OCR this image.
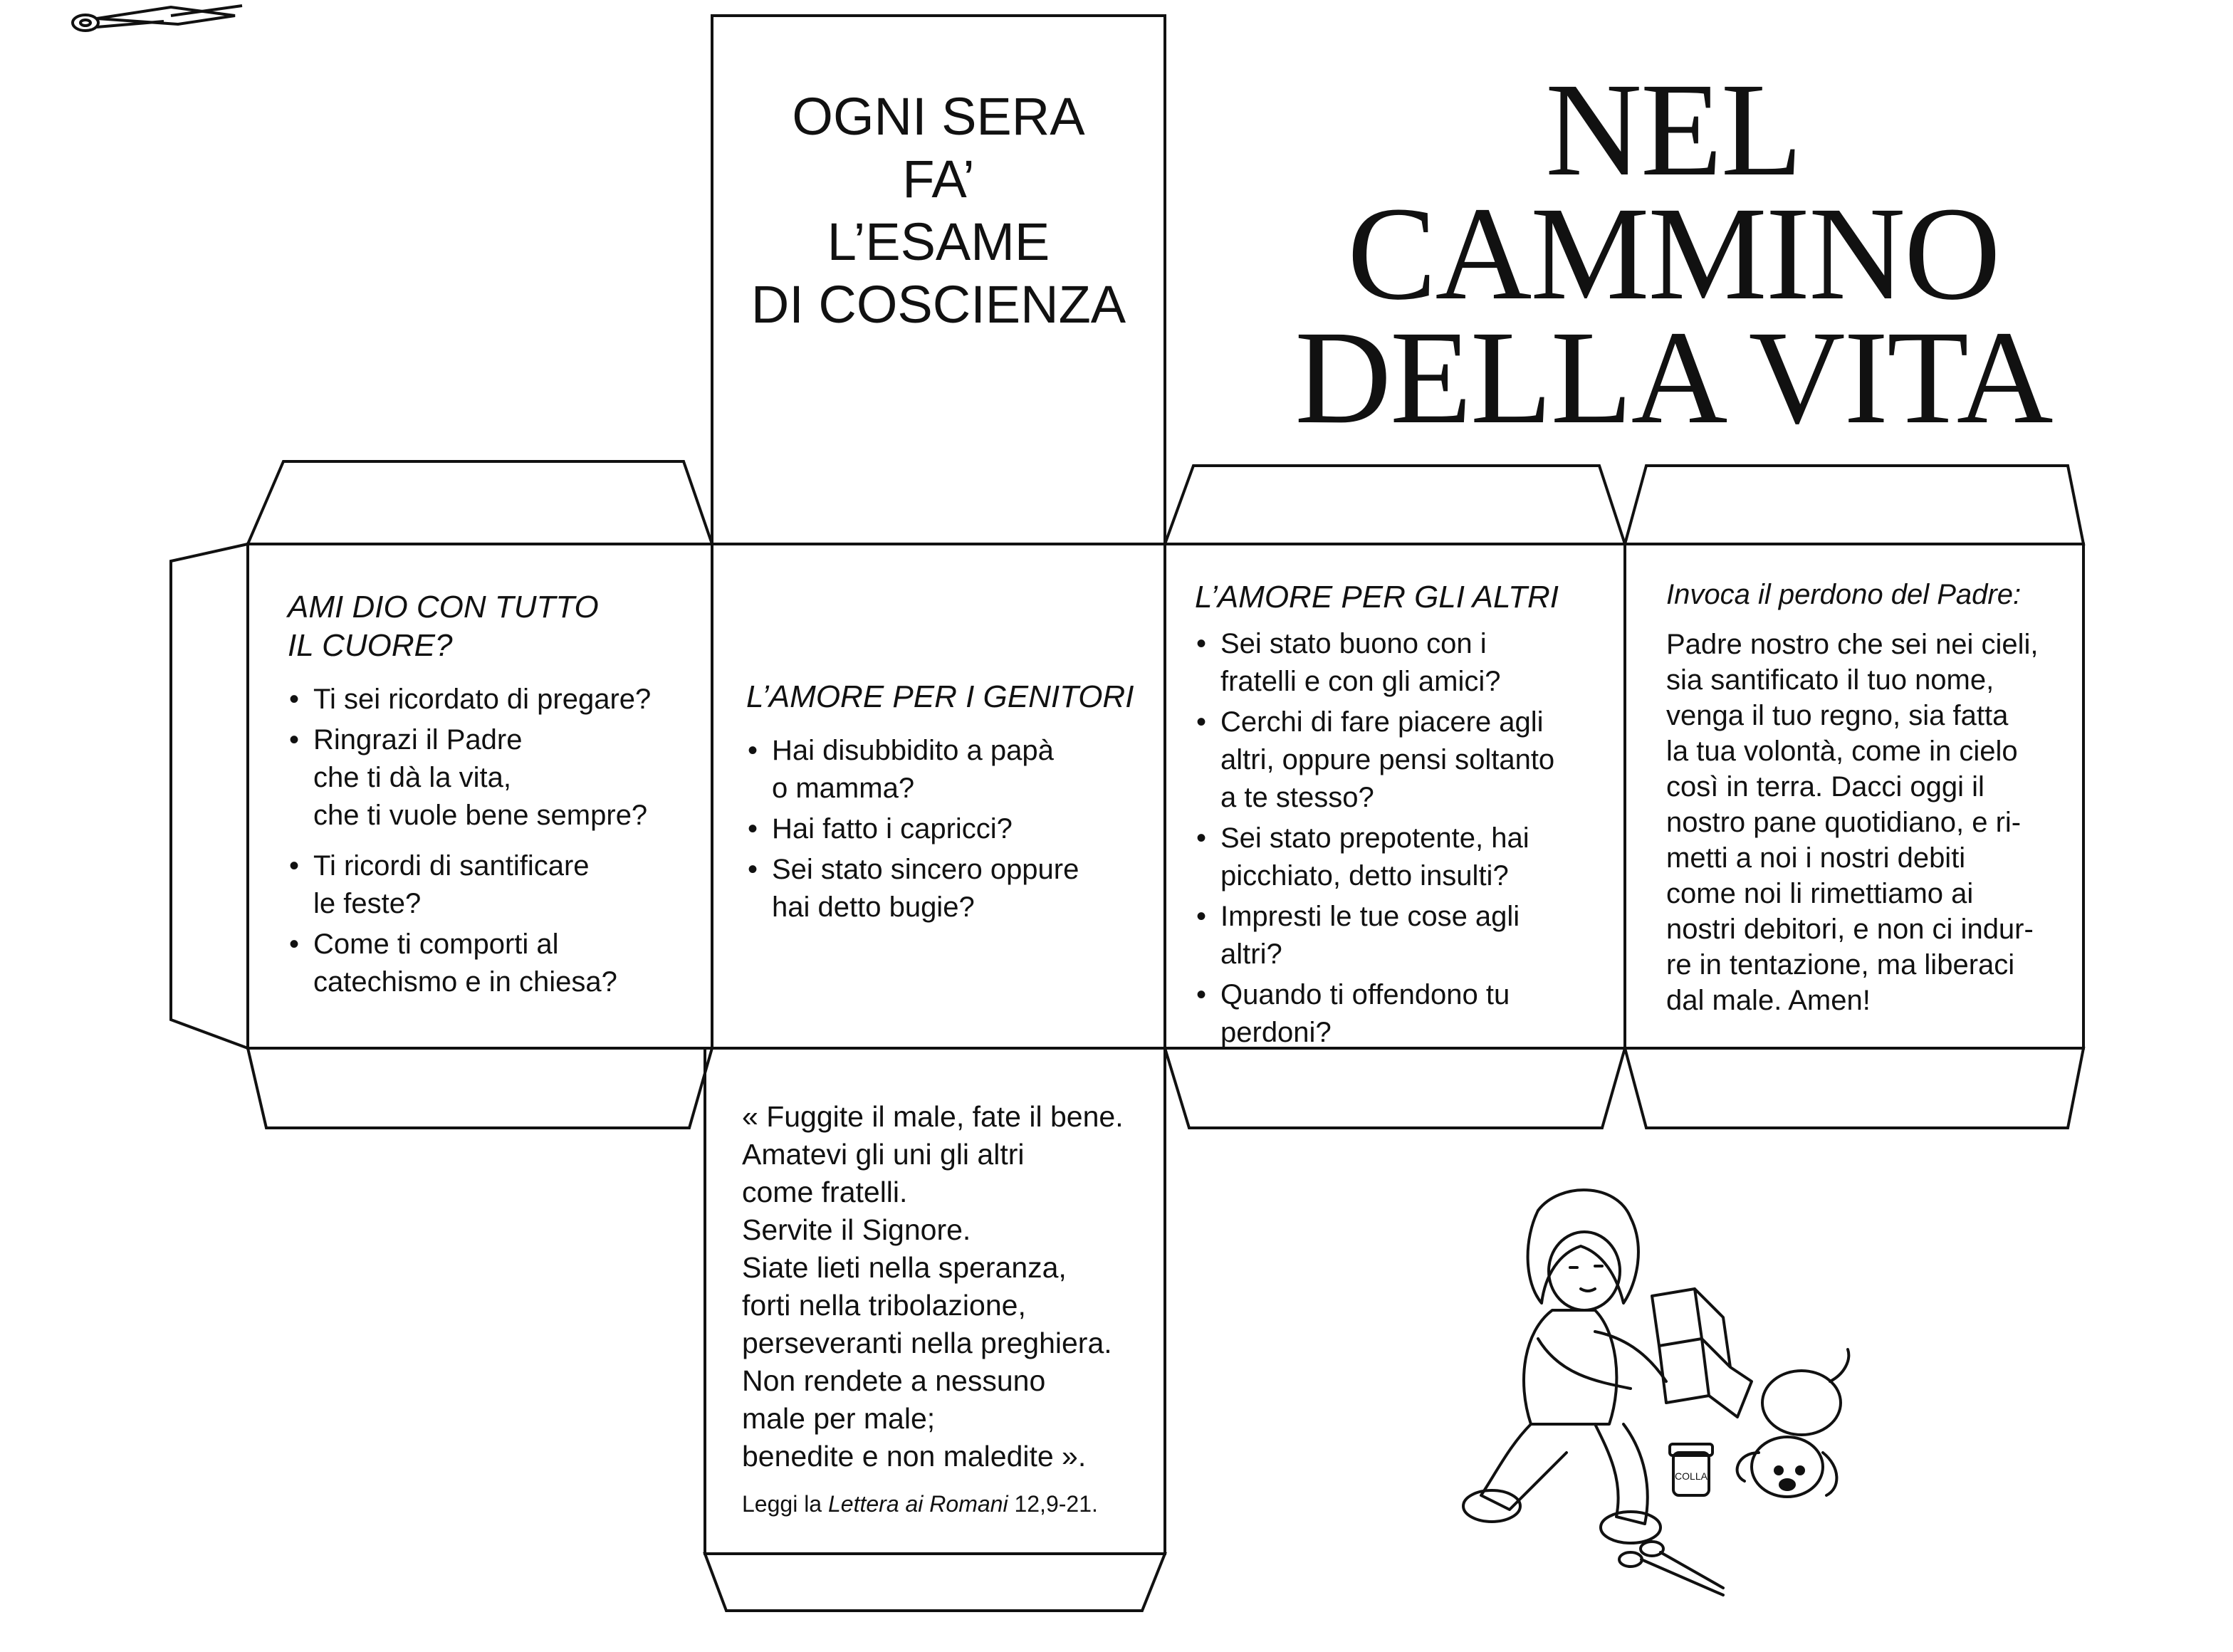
NEL CAMMINO
DELLA VITA
OGNI SERA
FA’
L’ESAME
DI COSCIENZA
AMI DIO CON TUTTO
IL CUORE?
• Ti sei ricordato di pregare?
• Ringrazi il Padre
che ti dà la vita,
che ti vuole bene sempre?
• Ti ricordi di santificare
le feste?
• Come ti comporti al
catechismo e in chiesa?
L’AMORE PER I GENITORI
• Hai disubbidito a papà
o mamma?
• Hai fatto i capricci?
• Sei stato sincero oppure
hai detto bugie?
L’AMORE PER GLI ALTRI
• Sei stato buono con i
fratelli e con gli amici?
• Cerchi di fare piacere agli
altri, oppure pensi soltanto
a te stesso?
• Sei stato prepotente, hai
picchiato, detto insulti?
• Impresti le tue cose agli
altri?
• Quando ti offendono tu
perdoni?
Invoca il perdono del Padre:
Padre nostro che sei nei cieli,
sia santificato il tuo nome,
venga il tuo regno, sia fatta
la tua volontà, come in cielo
così in terra. Dacci oggi il
nostro pane quotidiano, e ri-
metti a noi i nostri debiti
come noi li rimettiamo ai
nostri debitori, e non ci indur-
re in tentazione, ma liberaci
dal male. Amen!
« Fuggite il male, fate il bene.
Amatevi gli uni gli altri
come fratelli.
Servite il Signore.
Siate lieti nella speranza,
forti nella tribolazione,
perseveranti nella preghiera.
Non rendete a nessuno
male per male;
benedite e non maledite ».
Leggi la Lettera ai Romani 12,9-21.
COLLA
